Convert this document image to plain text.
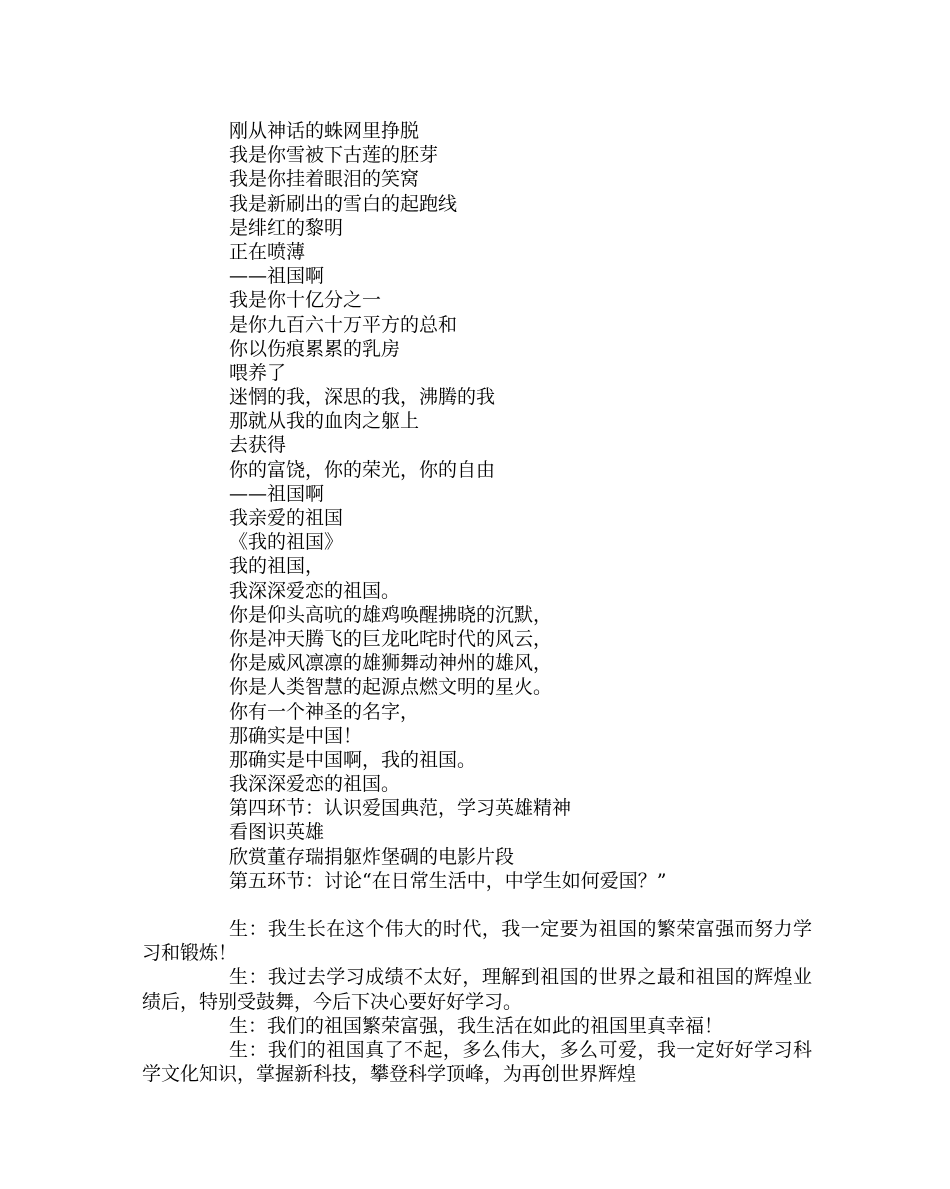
刚从神话的蛛网里挣脱
我是你雪被下古莲的胚芽
我是你挂着眼泪的笑窝
我是新刷出的雪白的起跑线
是绯红的黎明
正在喷薄
——祖国啊
我是你十亿分之一
是你九百六十万平方的总和
你以伤痕累累的乳房
喂养了
迷惘的我，深思的我，沸腾的我
那就从我的血肉之躯上
去获得
你的富饶，你的荣光，你的自由
——祖国啊
我亲爱的祖国
《我的祖国》
我的祖国，
我深深爱恋的祖国。
你是仰头高吭的雄鸡唤醒拂晓的沉默，
你是冲天腾飞的巨龙叱咤时代的风云，
你是威风凛凛的雄狮舞动神州的雄风，
你是人类智慧的起源点燃文明的星火。
你有一个神圣的名字，
那确实是中国！
那确实是中国啊，我的祖国。
我深深爱恋的祖国。
第四环节：认识爱国典范，学习英雄精神
看图识英雄
欣赏董存瑞捐躯炸堡碉的电影片段
第五环节：讨论“在日常生活中，中学生如何爱国？”

生：我生长在这个伟大的时代，我一定要为祖国的繁荣富强而努力学习和锻炼！

生：我过去学习成绩不太好，理解到祖国的世界之最和祖国的辉煌业绩后，特别受鼓舞，今后下决心要好好学习。

生：我们的祖国繁荣富强，我生活在如此的祖国里真幸福！

生：我们的祖国真了不起，多么伟大，多么可爱，我一定好好学习科学文化知识，掌握新科技，攀登科学顶峰，为再创世界辉煌
